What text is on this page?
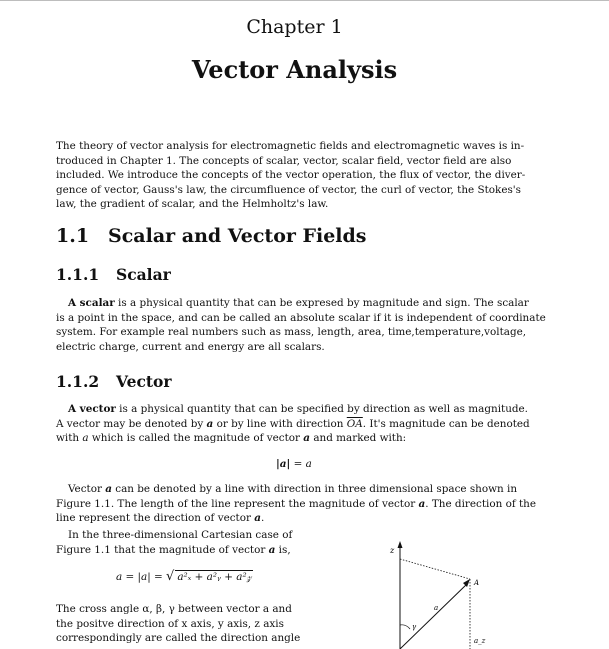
Chapter 1
Vector Analysis

The theory of vector analysis for electromagnetic fields and electromagnetic waves is in-
troduced in Chapter 1. The concepts of scalar, vector, scalar field, vector field are also
included. We introduce the concepts of the vector operation, the flux of vector, the diver-
gence of vector, Gauss's law, the circumfluence of vector, the curl of vector, the Stokes's
law, the gradient of scalar, and the Helmholtz's law.

1.1 Scalar and Vector Fields
1.1.1 Scalar

A scalar is a physical quantity that can be expresed by magnitude and sign. The scalar
is a point in the space, and can be called an absolute scalar if it is independent of coordinate
system. For example real numbers such as mass, length, area, time,temperature,voltage,
electric charge, current and energy are all scalars.

1.1.2 Vector

A vector is a physical quantity that can be specified by direction as well as magnitude.
A vector may be denoted by a or by line with direction $\overline{OA}$. It's magnitude can be denoted
with a which is called the magnitude of vector a and marked with:

|a| = a

Vector a can be denoted by a line with direction in three dimensional space shown in
Figure 1.1. The length of the line represent the magnitude of vector a. The direction of the
line represent the direction of vector a.

In the three-dimensional Cartesian case of
Figure 1.1 that the magnitude of vector a is,

a = |a| = √ a²ₓ + a²ᵧ + a²𝓏

The cross angle α, β, γ between vector a and
the positve direction of x axis, y axis, z axis
correspondingly are called the direction angle

z
A
a
γ
a_z
